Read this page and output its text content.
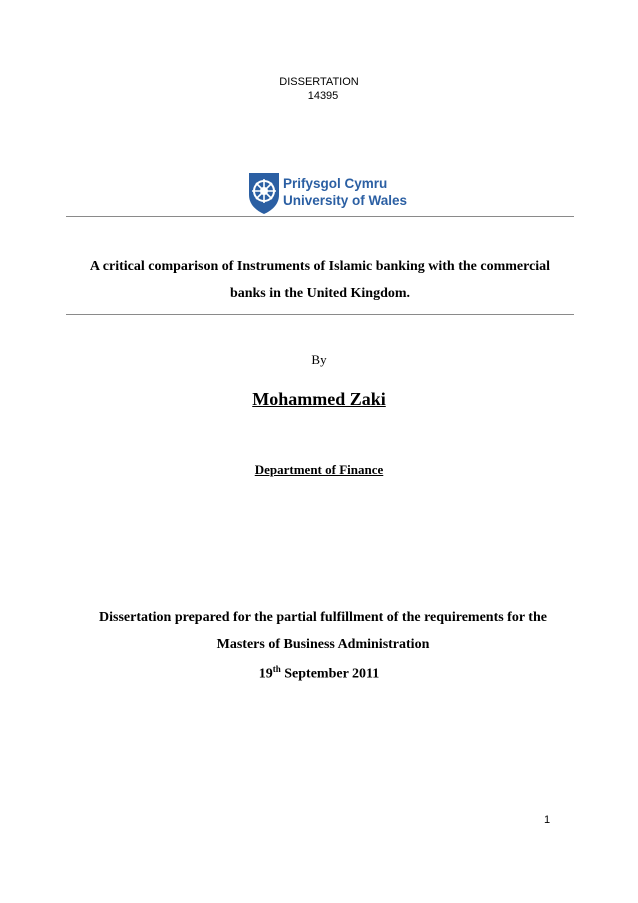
DISSERTATION
14395
Prifysgol Cymru
University of Wales
A critical comparison of Instruments of Islamic banking with the commercial
banks in the United Kingdom.
By
Mohammed Zaki
Department of Finance
Dissertation prepared for the partial fulfillment of the requirements for the
Masters of Business Administration
19th September 2011
1
